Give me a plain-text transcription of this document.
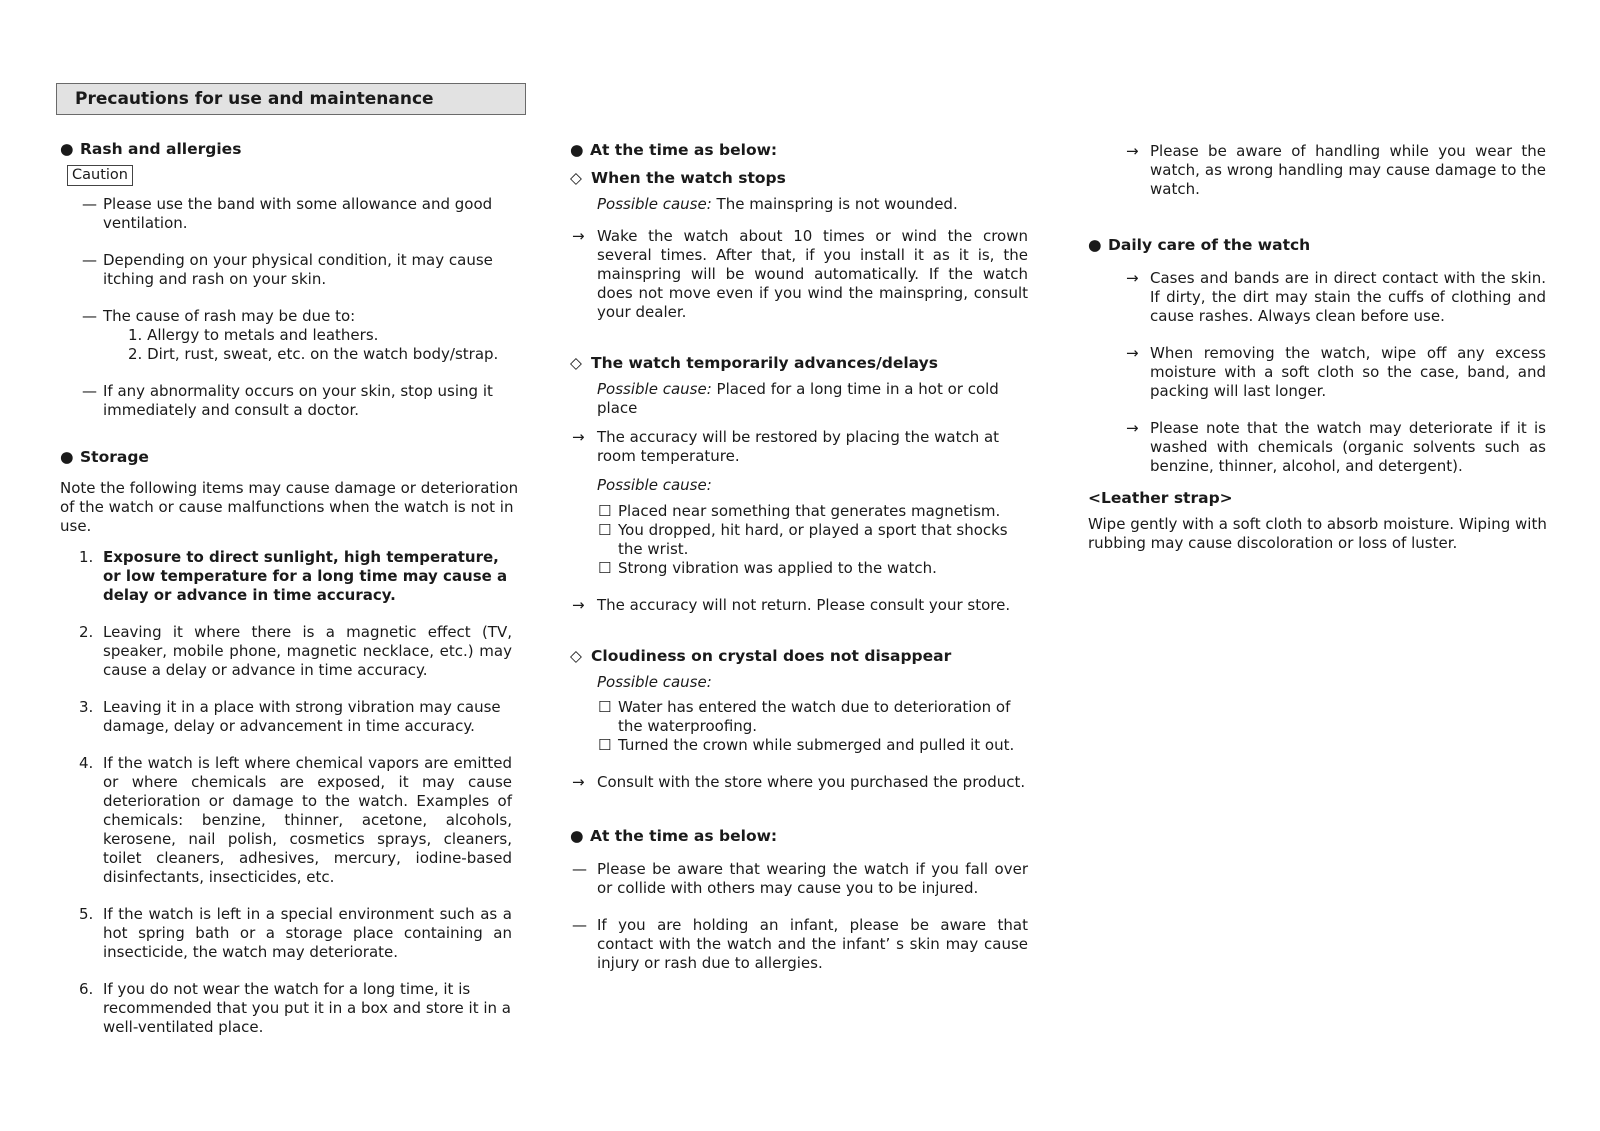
Precautions for use and maintenance

● Rash and allergies

Caution

— Please use the band with some allowance and good ventilation.

— Depending on your physical condition, it may cause itching and rash on your skin.

— The cause of rash may be due to:

1. Allergy to metals and leathers.

2. Dirt, rust, sweat, etc. on the watch body/strap.

— If any abnormality occurs on your skin, stop using it immediately and consult a doctor.

● Storage

Note the following items may cause damage or deterioration of the watch or cause malfunctions when the watch is not in use.

1. Exposure to direct sunlight, high temperature, or low temperature for a long time may cause a delay or advance in time accuracy.

2. Leaving it where there is a magnetic effect (TV, speaker, mobile phone, magnetic necklace, etc.) may cause a delay or advance in time accuracy.

3. Leaving it in a place with strong vibration may cause damage, delay or advancement in time accuracy.

4. If the watch is left where chemical vapors are emitted or where chemicals are exposed, it may cause deterioration or damage to the watch. Examples of chemicals: benzine, thinner, acetone, alcohols, kerosene, nail polish, cosmetics sprays, cleaners, toilet cleaners, adhesives, mercury, iodine-based disinfectants, insecticides, etc.

5. If the watch is left in a special environment such as a hot spring bath or a storage place containing an insecticide, the watch may deteriorate.

6. If you do not wear the watch for a long time, it is recommended that you put it in a box and store it in a well-ventilated place.

● At the time as below:

◇ When the watch stops

Possible cause: The mainspring is not wounded.

→ Wake the watch about 10 times or wind the crown several times. After that, if you install it as it is, the mainspring will be wound automatically. If the watch does not move even if you wind the mainspring, consult your dealer.

◇ The watch temporarily advances/delays

Possible cause: Placed for a long time in a hot or cold place

→ The accuracy will be restored by placing the watch at room temperature.

Possible cause:

☐ Placed near something that generates magnetism.

☐ You dropped, hit hard, or played a sport that shocks the wrist.

☐ Strong vibration was applied to the watch.

→ The accuracy will not return. Please consult your store.

◇ Cloudiness on crystal does not disappear

Possible cause:

☐ Water has entered the watch due to deterioration of the waterproofing.

☐ Turned the crown while submerged and pulled it out.

→ Consult with the store where you purchased the product.

● At the time as below:

— Please be aware that wearing the watch if you fall over or collide with others may cause you to be injured.

— If you are holding an infant, please be aware that contact with the watch and the infant’ s skin may cause injury or rash due to allergies.

→ Please be aware of handling while you wear the watch, as wrong handling may cause damage to the watch.

● Daily care of the watch

→ Cases and bands are in direct contact with the skin. If dirty, the dirt may stain the cuffs of clothing and cause rashes. Always clean before use.

→ When removing the watch, wipe off any excess moisture with a soft cloth so the case, band, and packing will last longer.

→ Please note that the watch may deteriorate if it is washed with chemicals (organic solvents such as benzine, thinner, alcohol, and detergent).

<Leather strap>

Wipe gently with a soft cloth to absorb moisture. Wiping with rubbing may cause discoloration or loss of luster.
